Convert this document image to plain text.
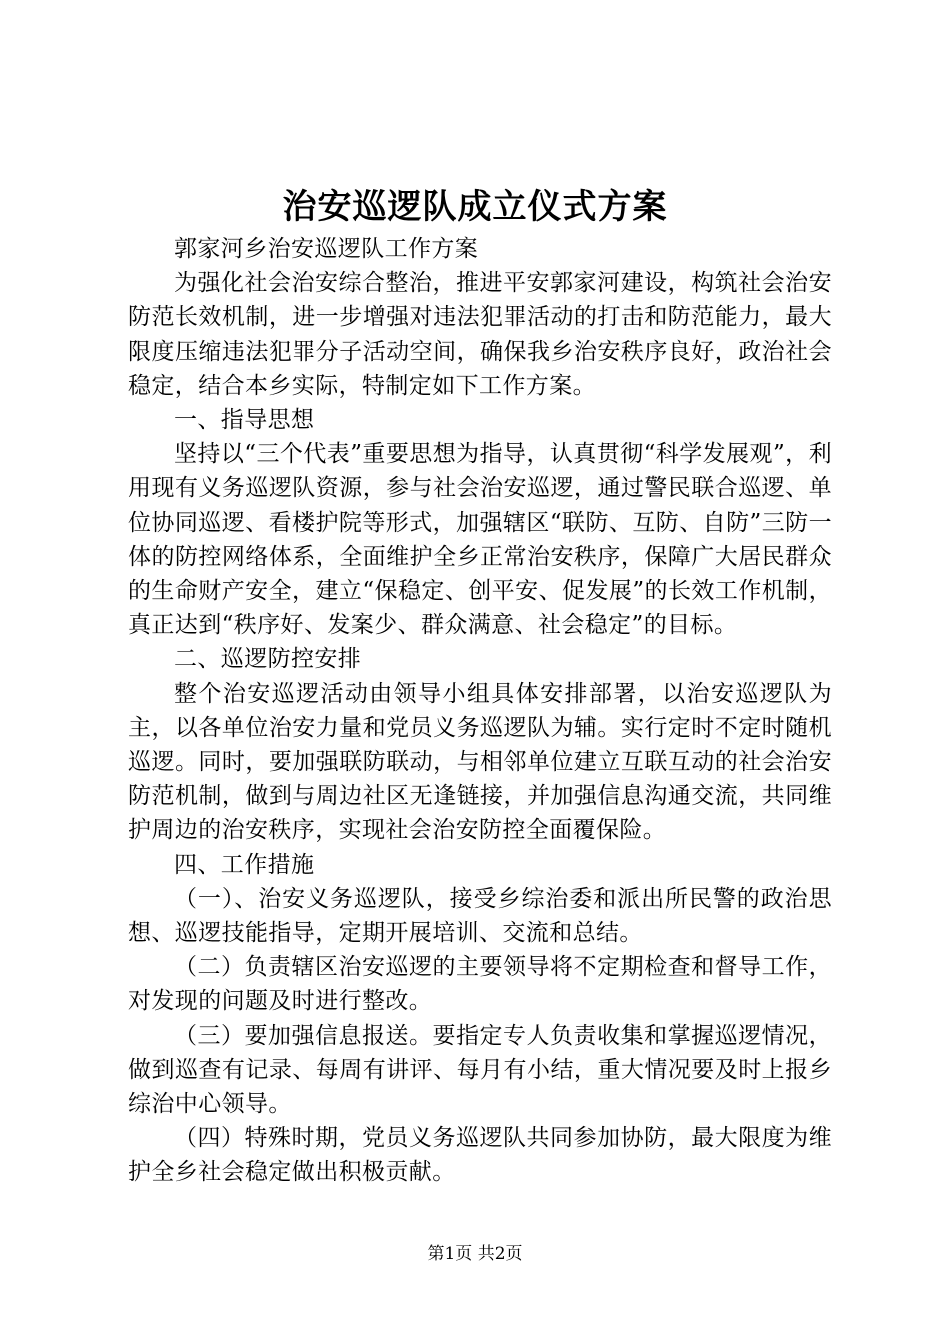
治安巡逻队成立仪式方案

郭家河乡治安巡逻队工作方案

为强化社会治安综合整治，推进平安郭家河建设，构筑社会治安防范长效机制，进一步增强对违法犯罪活动的打击和防范能力，最大限度压缩违法犯罪分子活动空间，确保我乡治安秩序良好，政治社会稳定，结合本乡实际，特制定如下工作方案。

一、指导思想

坚持以“三个代表”重要思想为指导，认真贯彻“科学发展观”，利用现有义务巡逻队资源，参与社会治安巡逻，通过警民联合巡逻、单位协同巡逻、看楼护院等形式，加强辖区“联防、互防、自防”三防一体的防控网络体系，全面维护全乡正常治安秩序，保障广大居民群众的生命财产安全，建立“保稳定、创平安、促发展”的长效工作机制，真正达到“秩序好、发案少、群众满意、社会稳定”的目标。

二、巡逻防控安排

整个治安巡逻活动由领导小组具体安排部署，以治安巡逻队为主，以各单位治安力量和党员义务巡逻队为辅。实行定时不定时随机巡逻。同时，要加强联防联动，与相邻单位建立互联互动的社会治安防范机制，做到与周边社区无逢链接，并加强信息沟通交流，共同维护周边的治安秩序，实现社会治安防控全面覆保险。

四、工作措施

（一）、治安义务巡逻队，接受乡综治委和派出所民警的政治思想、巡逻技能指导，定期开展培训、交流和总结。

（二）负责辖区治安巡逻的主要领导将不定期检查和督导工作，对发现的问题及时进行整改。

（三）要加强信息报送。要指定专人负责收集和掌握巡逻情况，做到巡查有记录、每周有讲评、每月有小结，重大情况要及时上报乡综治中心领导。

（四）特殊时期，党员义务巡逻队共同参加协防，最大限度为维护全乡社会稳定做出积极贡献。

第1页 共2页
